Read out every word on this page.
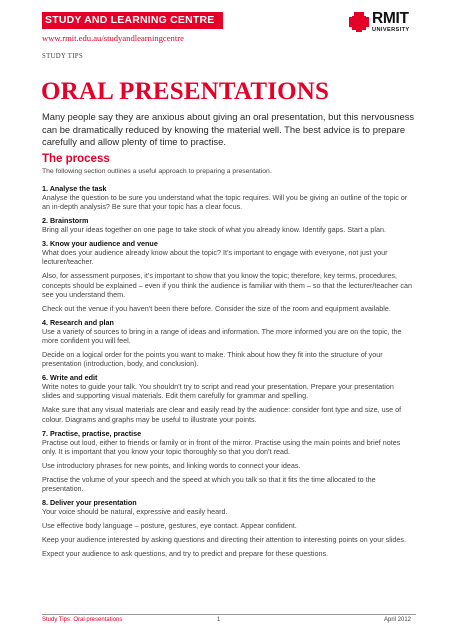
STUDY AND LEARNING CENTRE
www.rmit.edu.au/studyandlearningcentre
STUDY TIPS
RMIT
UNIVERSITY
ORAL PRESENTATIONS

Many people say they are anxious about giving an oral presentation, but this nervousness can be dramatically reduced by knowing the material well. The best advice is to prepare carefully and allow plenty of time to practise.

The process

The following section outlines a useful approach to preparing a presentation.

1. Analyse the task

Analyse the question to be sure you understand what the topic requires. Will you be giving an outline of the topic or an in-depth analysis? Be sure that your topic has a clear focus.

2. Brainstorm

Bring all your ideas together on one page to take stock of what you already know. Identify gaps. Start a plan.

3. Know your audience and venue

What does your audience already know about the topic? It’s important to engage with everyone, not just your lecturer/teacher.

Also, for assessment purposes, it’s important to show that you know the topic; therefore, key terms, procedures, concepts should be explained – even if you think the audience is familiar with them – so that the lecturer/teacher can see you understand them.

Check out the venue if you haven’t been there before. Consider the size of the room and equipment available.

4. Research and plan

Use a variety of sources to bring in a range of ideas and information. The more informed you are on the topic, the more confident you will feel.

Decide on a logical order for the points you want to make. Think about how they fit into the structure of your presentation (introduction, body, and conclusion).

6. Write and edit

Write notes to guide your talk. You shouldn’t try to script and read your presentation. Prepare your presentation slides and supporting visual materials. Edit them carefully for grammar and spelling.

Make sure that any visual materials are clear and easily read by the audience: consider font type and size, use of colour. Diagrams and graphs may be useful to illustrate your points.

7. Practise, practise, practise

Practise out loud, either to friends or family or in front of the mirror. Practise using the main points and brief notes only. It is important that you know your topic thoroughly so that you don’t read.

Use introductory phrases for new points, and linking words to connect your ideas.

Practise the volume of your speech and the speed at which you talk so that it fits the time allocated to the presentation.

8. Deliver your presentation

Your voice should be natural, expressive and easily heard.

Use effective body language – posture, gestures, eye contact. Appear confident.

Keep your audience interested by asking questions and directing their attention to interesting points on your slides.

Expect your audience to ask questions, and try to predict and prepare for these questions.

Study Tips: Oral presentations	1	April 2012
